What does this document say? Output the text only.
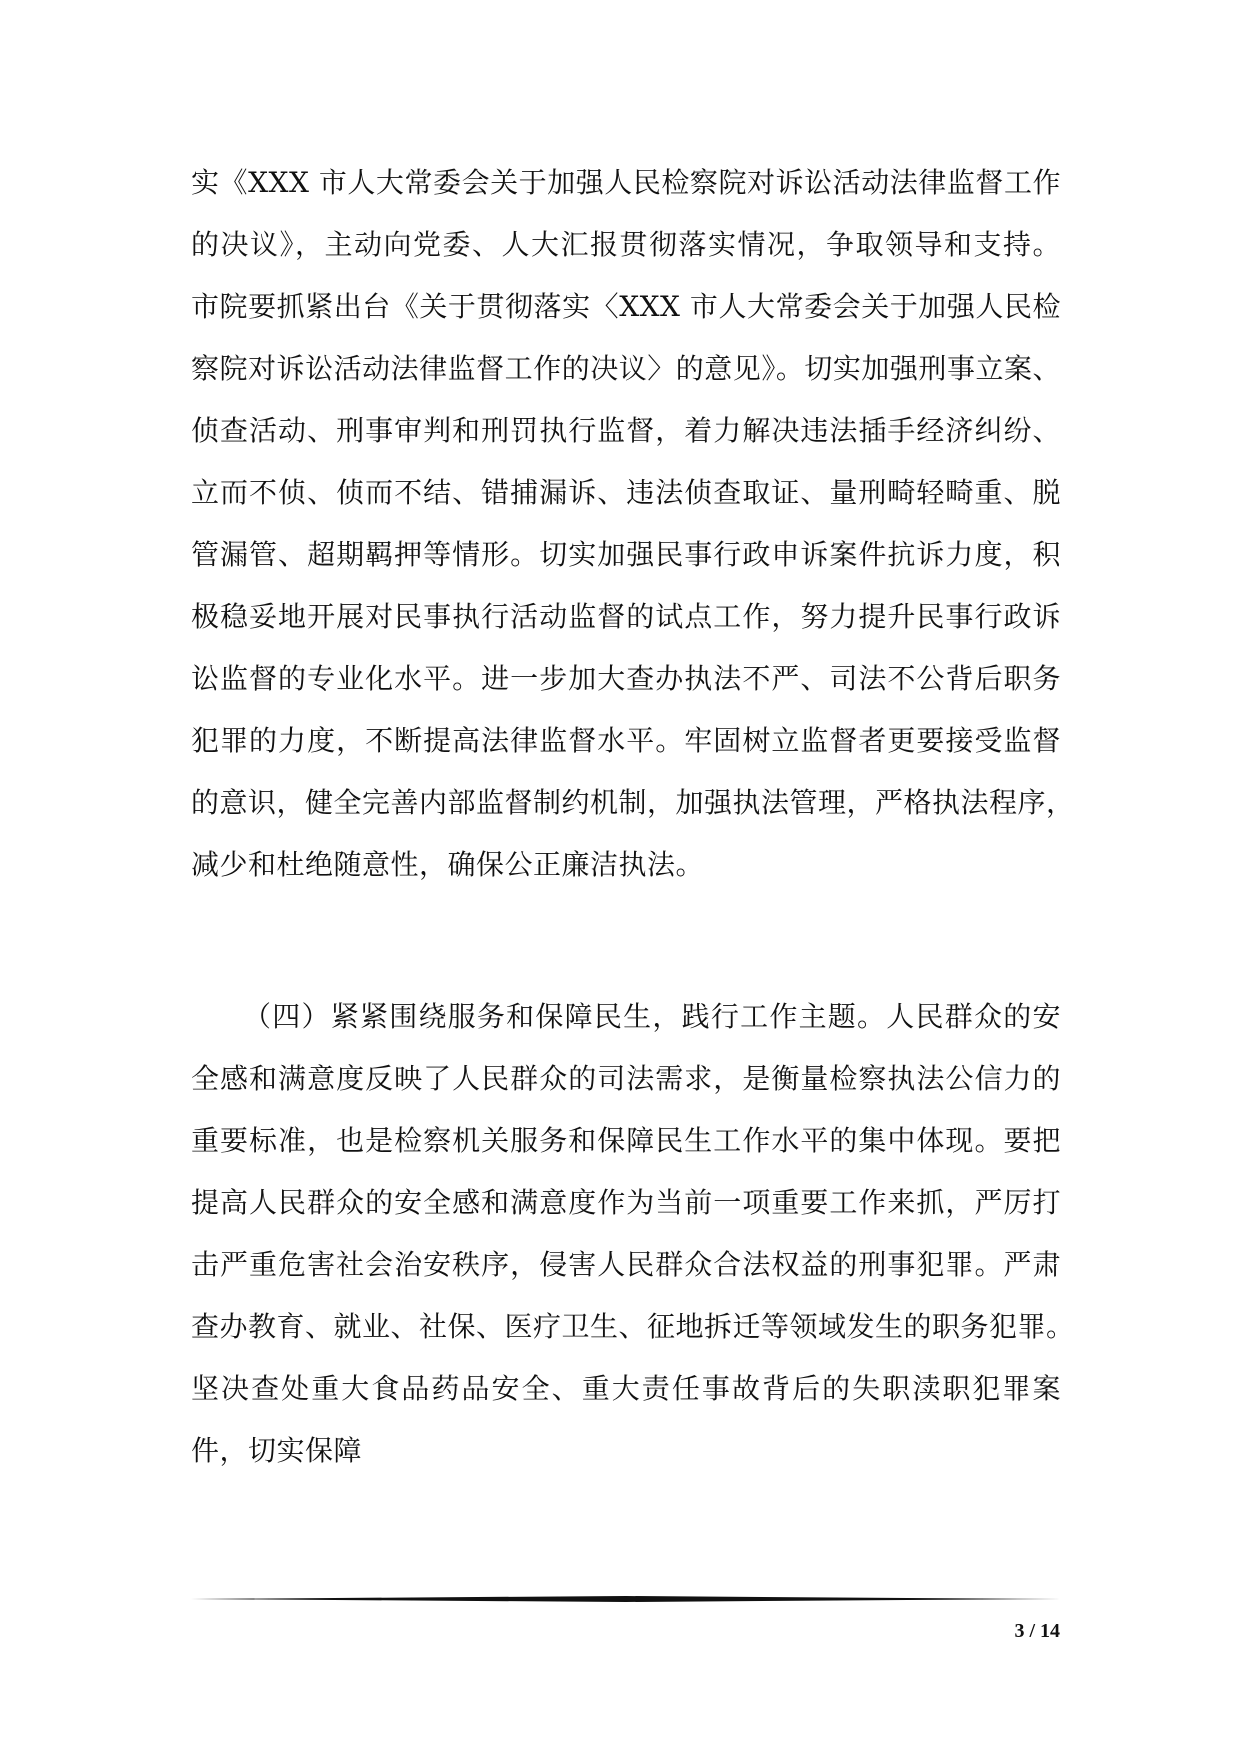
实《XXX 市人大常委会关于加强人民检察院对诉讼活动法律监督工作
的决议》，主动向党委、人大汇报贯彻落实情况，争取领导和支持。
市院要抓紧出台《关于贯彻落实〈XXX 市人大常委会关于加强人民检
察院对诉讼活动法律监督工作的决议〉的意见》。切实加强刑事立案、
侦查活动、刑事审判和刑罚执行监督，着力解决违法插手经济纠纷、
立而不侦、侦而不结、错捕漏诉、违法侦查取证、量刑畸轻畸重、脱
管漏管、超期羁押等情形。切实加强民事行政申诉案件抗诉力度，积
极稳妥地开展对民事执行活动监督的试点工作，努力提升民事行政诉
讼监督的专业化水平。进一步加大查办执法不严、司法不公背后职务
犯罪的力度，不断提高法律监督水平。牢固树立监督者更要接受监督
的意识，健全完善内部监督制约机制，加强执法管理，严格执法程序，
减少和杜绝随意性，确保公正廉洁执法。
（四）紧紧围绕服务和保障民生，践行工作主题。人民群众的安
全感和满意度反映了人民群众的司法需求，是衡量检察执法公信力的
重要标准，也是检察机关服务和保障民生工作水平的集中体现。要把
提高人民群众的安全感和满意度作为当前一项重要工作来抓，严厉打
击严重危害社会治安秩序，侵害人民群众合法权益的刑事犯罪。严肃
查办教育、就业、社保、医疗卫生、征地拆迁等领域发生的职务犯罪。
坚决查处重大食品药品安全、重大责任事故背后的失职渎职犯罪案
件，切实保障
3 / 14
